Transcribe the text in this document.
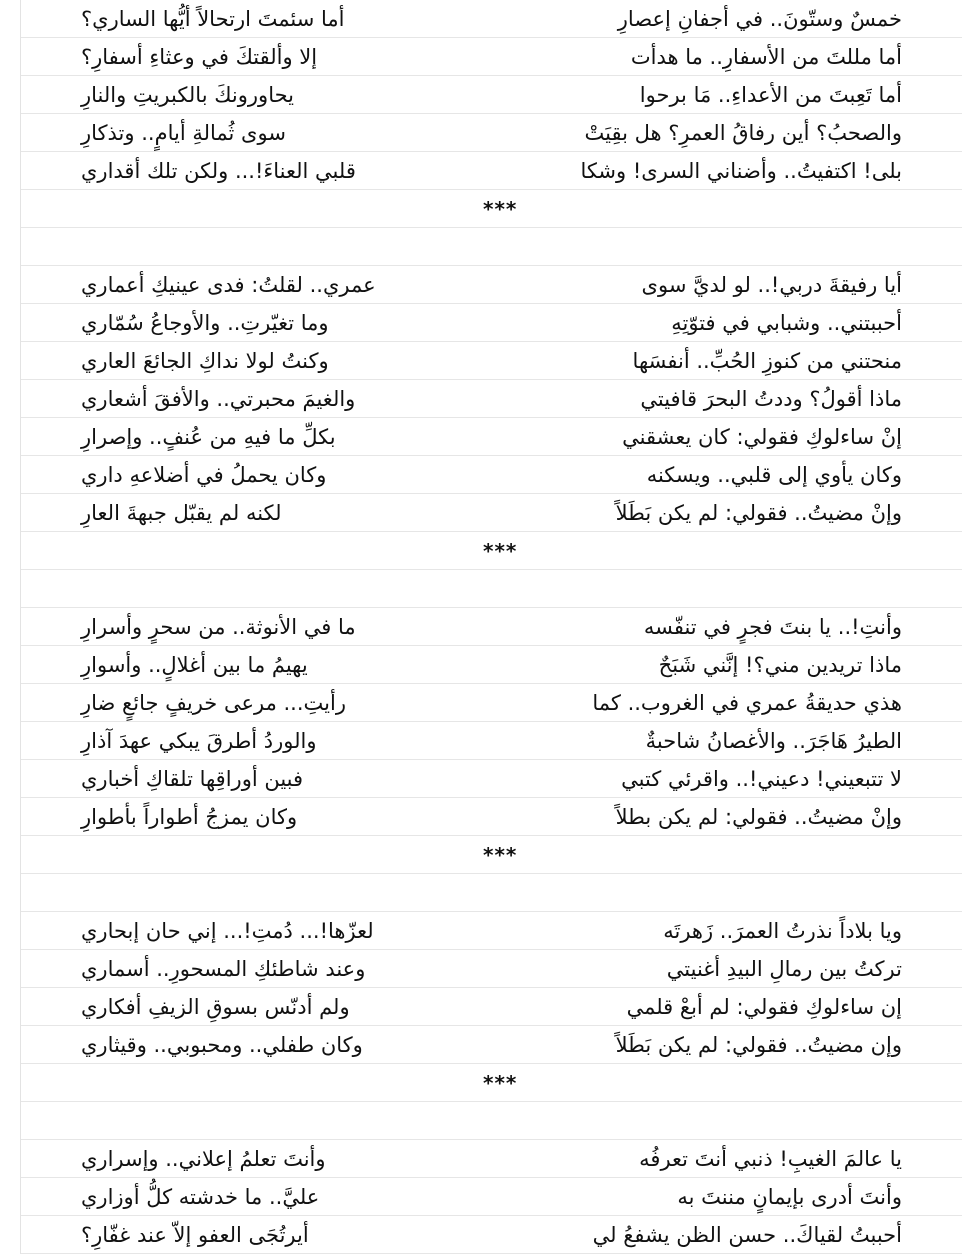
خمسٌ وستّونَ.. في أجفانِ إعصارِ
أما سئمتَ ارتحالاً أيُّها الساري؟
أما مللتَ من الأسفارِ.. ما هدأت
إلا وألقتكَ في وعثاءِ أسفارِ؟
أما تَعِبتَ من الأعداءِ.. مَا برحوا
يحاورونكَ بالكبريتِ والنارِ
والصحبُ؟ أين رفاقُ العمرِ؟ هل بقِيَتْ
سوى ثُمالةِ أيامٍ.. وتذكارِ
بلى! اكتفيتُ.. وأضناني السرى! وشكا
قلبي العناءَ!... ولكن تلك أقداري
***
أيا رفيقةَ دربي!.. لو لديَّ سوى
عمري.. لقلتُ: فدى عينيكِ أعماري
أحببتني.. وشبابي في فتوّتِهِ
وما تغيّرتِ.. والأوجاعُ سُمّاري
منحتني من كنوزِ الحُبِّ.. أنفسَها
وكنتُ لولا نداكِ الجائعَ العاري
ماذا أقولُ؟ وددتُ البحرَ قافيتي
والغيمَ محبرتي.. والأفقَ أشعاري
إنْ ساءلوكِ فقولي: كان يعشقني
بكلِّ ما فيهِ من عُنفٍ.. وإصرارِ
وكان يأوي إلى قلبي.. ويسكنه
وكان يحملُ في أضلاعهِ داري
وإنْ مضيتُ.. فقولي: لم يكن بَطَلاً
لكنه لم يقبّل جبهةَ العارِ
***
وأنتِ!.. يا بنتَ فجرٍ في تنفّسه
ما في الأنوثة.. من سحرٍ وأسرارِ
ماذا تريدين مني؟! إنَّني شَبَحٌ
يهيمُ ما بين أغلالٍ.. وأسوارِ
هذي حديقةُ عمري في الغروب.. كما
رأيتِ... مرعى خريفٍ جائعٍ ضارِ
الطيرُ هَاجَرَ.. والأغصانُ شاحبةٌ
والوردُ أطرقَ يبكي عهدَ آذارِ
لا تتبعيني! دعيني!.. واقرئي كتبي
فبين أوراقِها تلقاكِ أخباري
وإنْ مضيتُ.. فقولي: لم يكن بطلاً
وكان يمزجُ أطواراً بأطوارِ
***
ويا بلاداً نذرتُ العمرَ.. زَهرتَه
لعزّها!... دُمتِ!... إني حان إبحاري
تركتُ بين رمالِ البيدِ أغنيتي
وعند شاطئكِ المسحورِ.. أسماري
إن ساءلوكِ فقولي: لم أبعْ قلمي
ولم أدنّس بسوقِ الزيفِ أفكاري
وإن مضيتُ.. فقولي: لم يكن بَطَلاً
وكان طفلي.. ومحبوبي.. وقيثاري
***
يا عالمَ الغيبِ! ذنبي أنتَ تعرفُه
وأنتَ تعلمُ إعلاني.. وإسراري
وأنتَ أدرى بإيمانٍ مننتَ به
عليَّ.. ما خدشته كلُّ أوزاري
أحببتُ لقياكَ.. حسن الظن يشفعُ لي
أيرتُجَى العفو إلاّ عند غفّارِ؟
